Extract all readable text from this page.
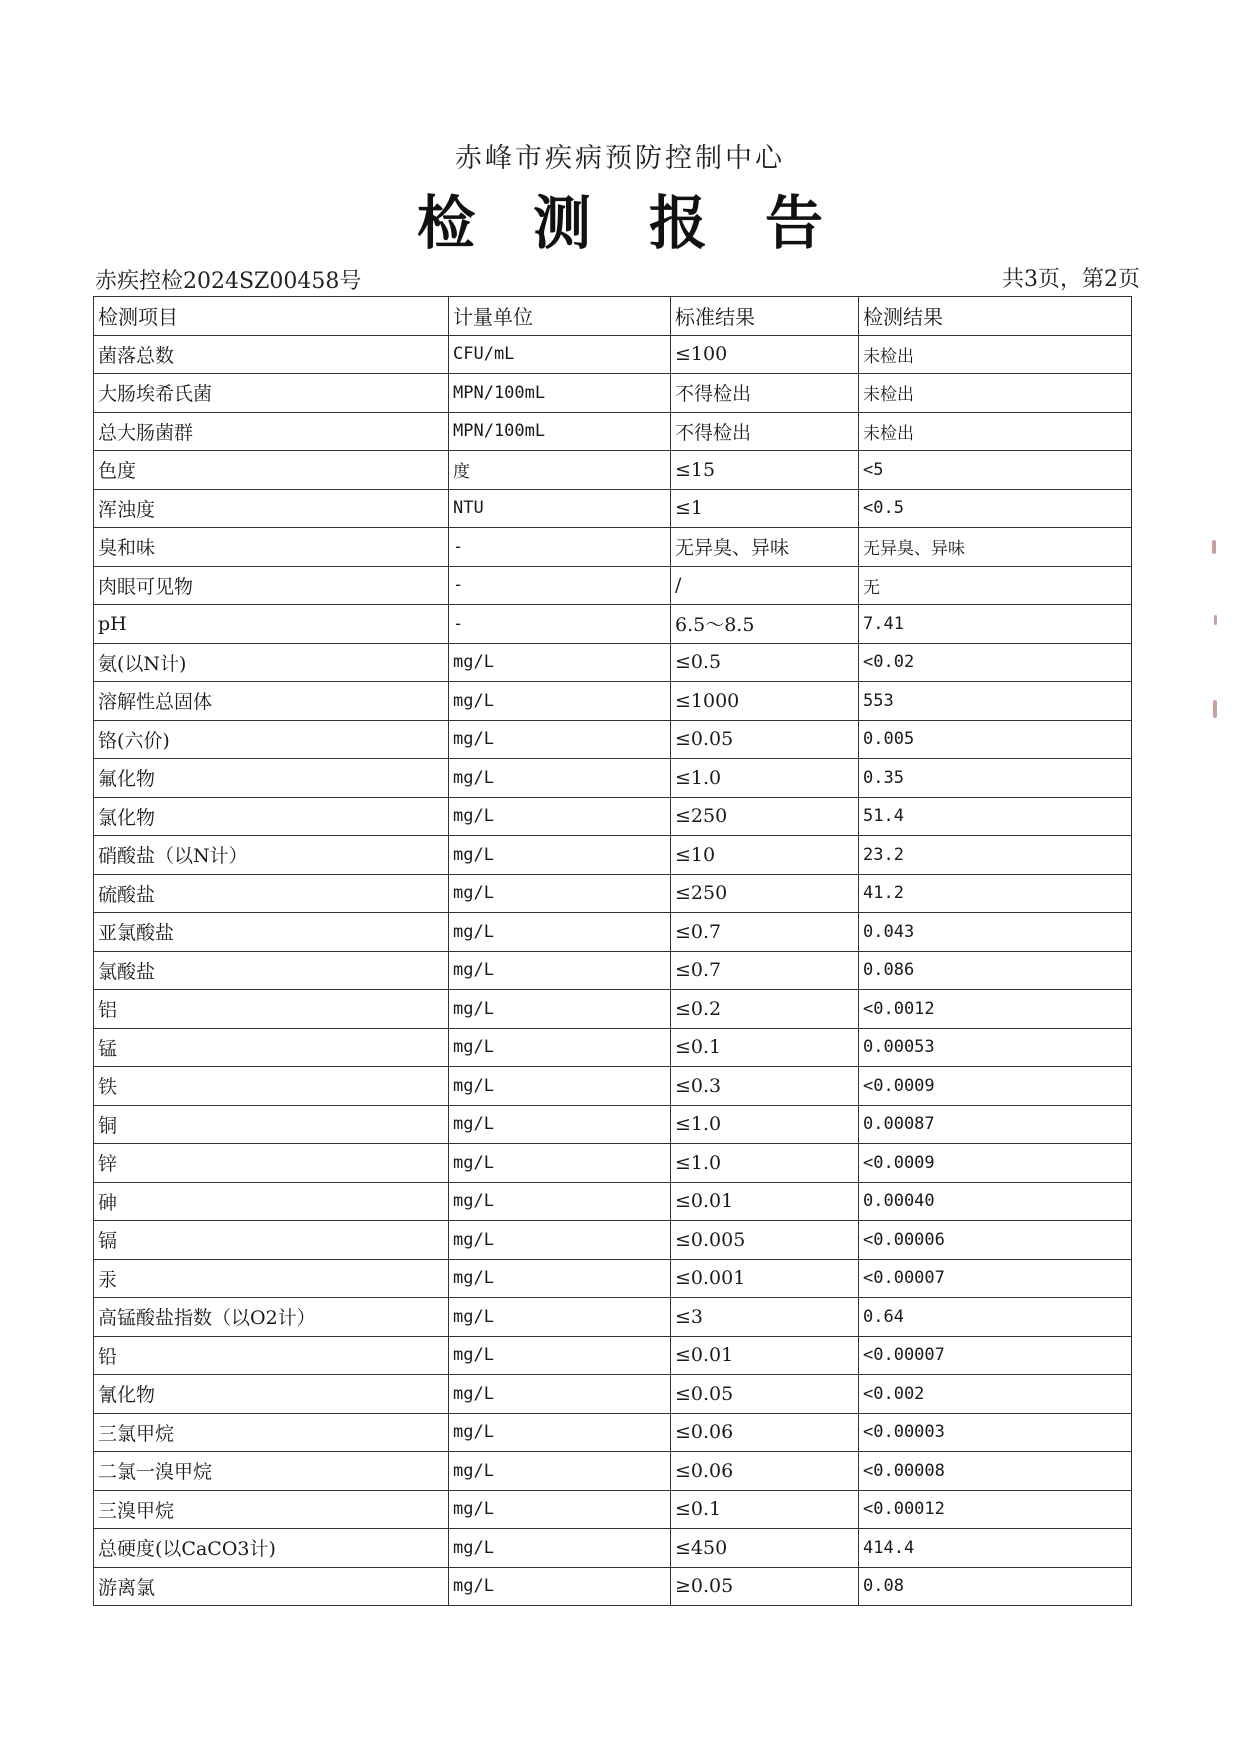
赤峰市疾病预防控制中心
检测报告
赤疾控检2024SZ00458号	共3页，第2页
检测项目	计量单位	标准结果	检测结果
菌落总数	CFU/mL	≤100	未检出
大肠埃希氏菌	MPN/100mL	不得检出	未检出
总大肠菌群	MPN/100mL	不得检出	未检出
色度	度	≤15	<5
浑浊度	NTU	≤1	<0.5
臭和味	-	无异臭、异味	无异臭、异味
肉眼可见物	-	/	无
pH	-	6.5～8.5	7.41
氨(以N计)	mg/L	≤0.5	<0.02
溶解性总固体	mg/L	≤1000	553
铬(六价)	mg/L	≤0.05	0.005
氟化物	mg/L	≤1.0	0.35
氯化物	mg/L	≤250	51.4
硝酸盐（以N计）	mg/L	≤10	23.2
硫酸盐	mg/L	≤250	41.2
亚氯酸盐	mg/L	≤0.7	0.043
氯酸盐	mg/L	≤0.7	0.086
铝	mg/L	≤0.2	<0.0012
锰	mg/L	≤0.1	0.00053
铁	mg/L	≤0.3	<0.0009
铜	mg/L	≤1.0	0.00087
锌	mg/L	≤1.0	<0.0009
砷	mg/L	≤0.01	0.00040
镉	mg/L	≤0.005	<0.00006
汞	mg/L	≤0.001	<0.00007
高锰酸盐指数（以O2计）	mg/L	≤3	0.64
铅	mg/L	≤0.01	<0.00007
氰化物	mg/L	≤0.05	<0.002
三氯甲烷	mg/L	≤0.06	<0.00003
二氯一溴甲烷	mg/L	≤0.06	<0.00008
三溴甲烷	mg/L	≤0.1	<0.00012
总硬度(以CaCO3计)	mg/L	≤450	414.4
游离氯	mg/L	≥0.05	0.08
